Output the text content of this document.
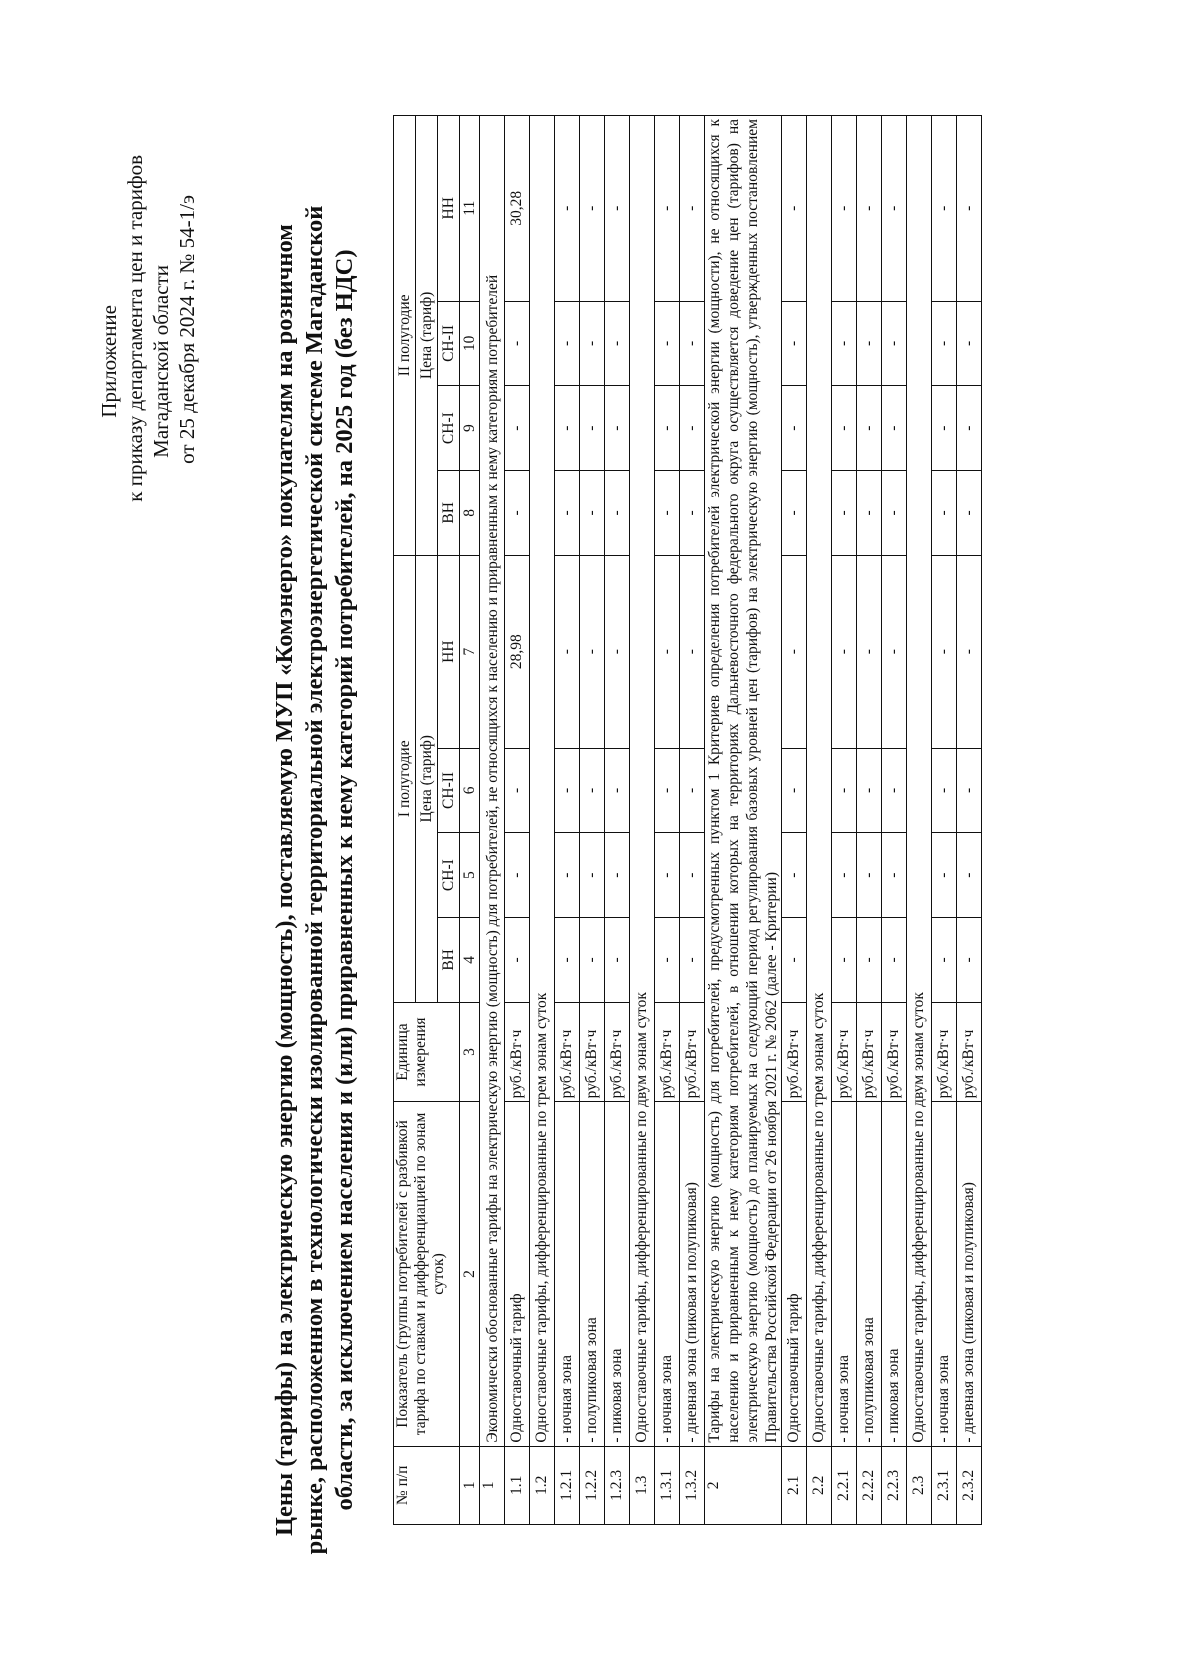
Приложение к приказу департамента цен и тарифов Магаданской области от 25 декабря 2024 г. № 54-1/э	Цены (тарифы) на электрическую энергию (мощность), поставляемую МУП «Комэнерго» покупателям на розничном рынке, расположенном в технологически изолированной территориальной электроэнергетической системе Магаданской области, за исключением населения и (или) приравненных к нему категорий потребителей, на 2025 год (без НДС) № п/п	Показатель (группы потребителей с разбивкой тарифа по ставкам и дифференциацией по зонам суток)	Единица измерения	I полугодие				II полугодие			
			Цена (тариф)				Цена (тариф)			
			ВН	СН-I	СН-II	НН	ВН	СН-I	СН-II	НН
1	2	3	4	5	6	7	8	9	10	11
1	Экономически обоснованные тарифы на электрическую энергию (мощность) для потребителей, не относящихся к населению и приравненным к нему категориям потребителей									
1.1	Одноставочный тариф	руб./кВт·ч	-	-	-	28,98	-	-	-	30,28
1.2	Одноставочные тарифы, дифференцированные по трем зонам суток									
1.2.1	- ночная зона	руб./кВт·ч	-	-	-	-	-	-	-	-
1.2.2	- полупиковая зона	руб./кВт·ч	-	-	-	-	-	-	-	-
1.2.3	- пиковая зона	руб./кВт·ч	-	-	-	-	-	-	-	-
1.3	Одноставочные тарифы, дифференцированные по двум зонам суток									
1.3.1	- ночная зона	руб./кВт·ч	-	-	-	-	-	-	-	-
1.3.2	- дневная зона (пиковая и полупиковая)	руб./кВт·ч	-	-	-	-	-	-	-	-
2	Тарифы на электрическую энергию (мощность) для потребителей, предусмотренных пунктом 1 Критериев определения потребителей электрической энергии (мощности), не относящихся к населению и приравненным к нему категориям потребителей, в отношении которых на территориях Дальневосточного федерального округа осуществляется доведение цен (тарифов) на электрическую энергию (мощность) до планируемых на следующий период регулирования базовых уровней цен (тарифов) на электрическую энергию (мощность), утвержденных постановлением Правительства Российской Федерации от 26 ноября 2021 г. № 2062 (далее - Критерии)									
2.1	Одноставочный тариф	руб./кВт·ч	-	-	-	-	-	-	-	-
2.2	Одноставочные тарифы, дифференцированные по трем зонам суток									
2.2.1	- ночная зона	руб./кВт·ч	-	-	-	-	-	-	-	-
2.2.2	- полупиковая зона	руб./кВт·ч	-	-	-	-	-	-	-	-
2.2.3	- пиковая зона	руб./кВт·ч	-	-	-	-	-	-	-	-
2.3	Одноставочные тарифы, дифференцированные по двум зонам суток									
2.3.1	- ночная зона	руб./кВт·ч	-	-	-	-	-	-	-	-
2.3.2	- дневная зона (пиковая и полупиковая)	руб./кВт·ч	-	-	-	-	-	-	-	-
